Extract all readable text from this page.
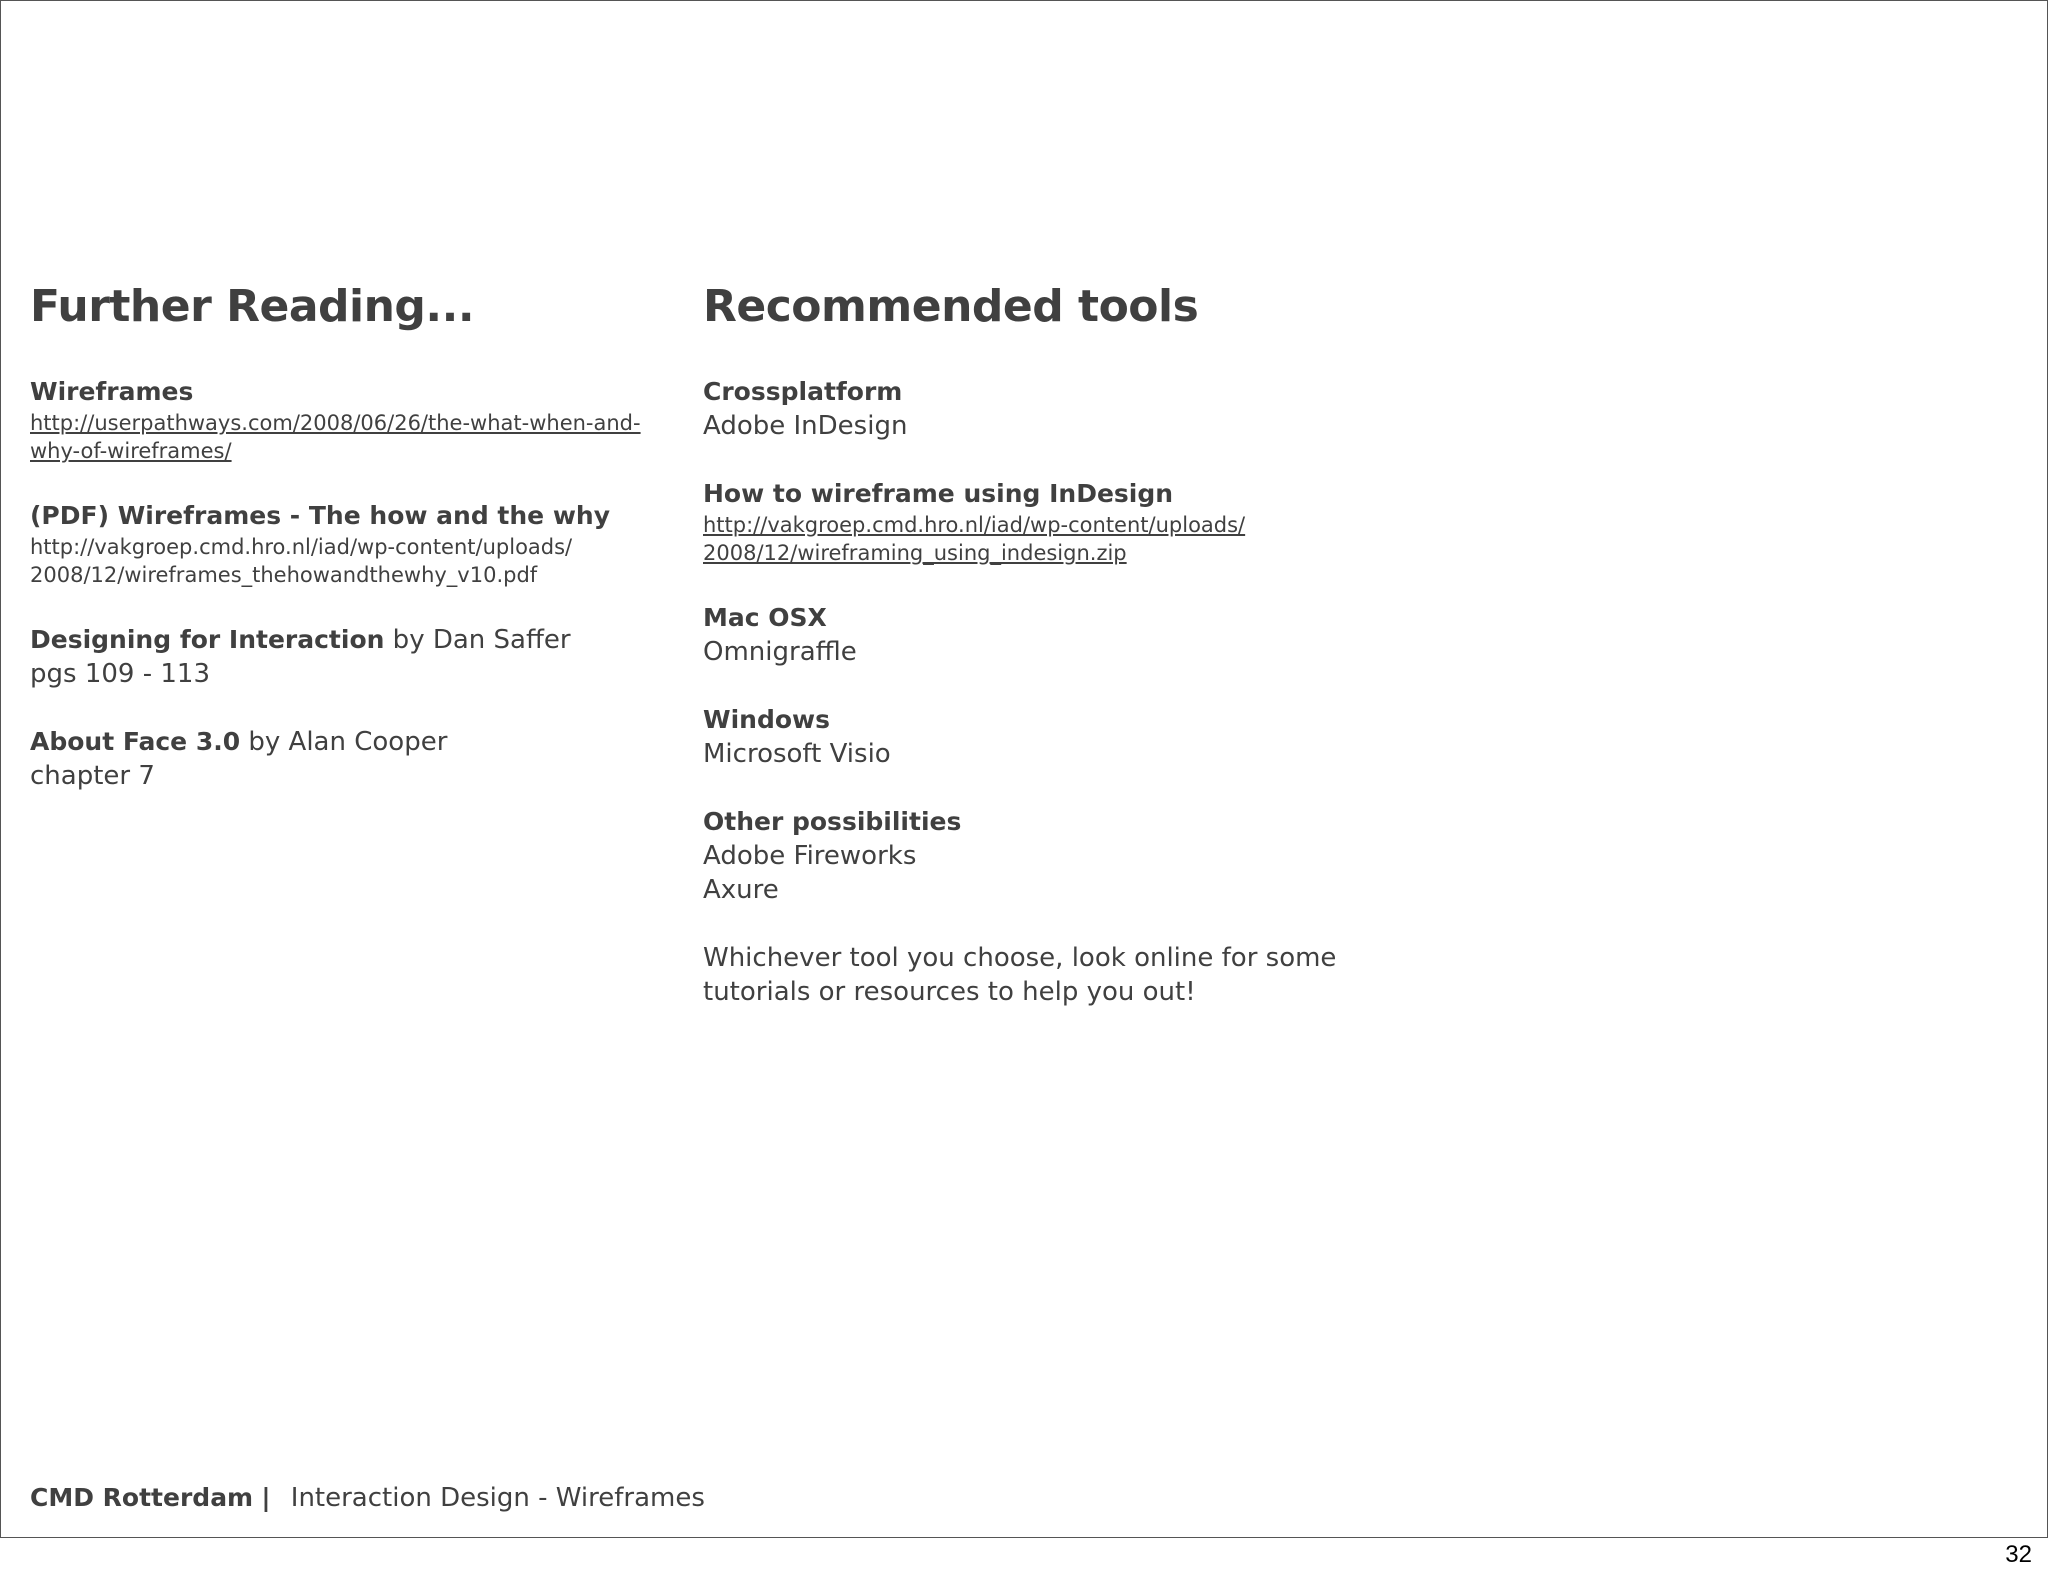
Further Reading...
Wireframes
http://userpathways.com/2008/06/26/the-what-when-and-
why-of-wireframes/
(PDF) Wireframes - The how and the why
http://vakgroep.cmd.hro.nl/iad/wp-content/uploads/
2008/12/wireframes_thehowandthewhy_v10.pdf
Designing for Interaction by Dan Saffer
pgs 109 - 113
About Face 3.0 by Alan Cooper
chapter 7
Recommended tools
Crossplatform
Adobe InDesign
How to wireframe using InDesign
http://vakgroep.cmd.hro.nl/iad/wp-content/uploads/
2008/12/wireframing_using_indesign.zip
Mac OSX
Omnigraffle
Windows
Microsoft Visio
Other possibilities
Adobe Fireworks
Axure
Whichever tool you choose, look online for some
tutorials or resources to help you out!
CMD Rotterdam | Interaction Design - Wireframes
32
